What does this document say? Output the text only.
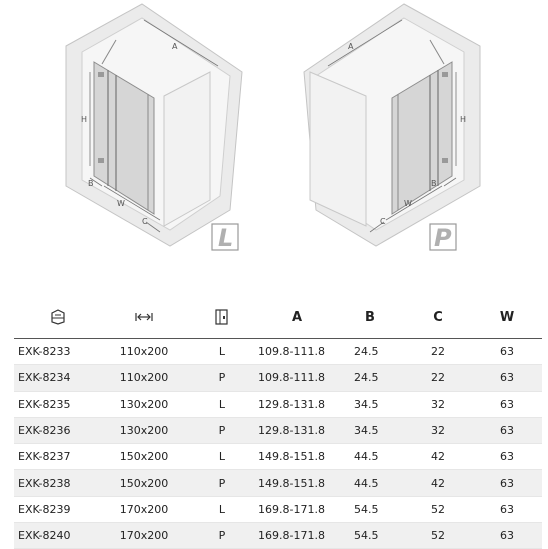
A
H
B
W
C
L
A
H
C
W
B
P
			A	B	C	W
EXK-8233	110x200	L	109.8-111.8	24.5	22	63
EXK-8234	110x200	P	109.8-111.8	24.5	22	63
EXK-8235	130x200	L	129.8-131.8	34.5	32	63
EXK-8236	130x200	P	129.8-131.8	34.5	32	63
EXK-8237	150x200	L	149.8-151.8	44.5	42	63
EXK-8238	150x200	P	149.8-151.8	44.5	42	63
EXK-8239	170x200	L	169.8-171.8	54.5	52	63
EXK-8240	170x200	P	169.8-171.8	54.5	52	63
